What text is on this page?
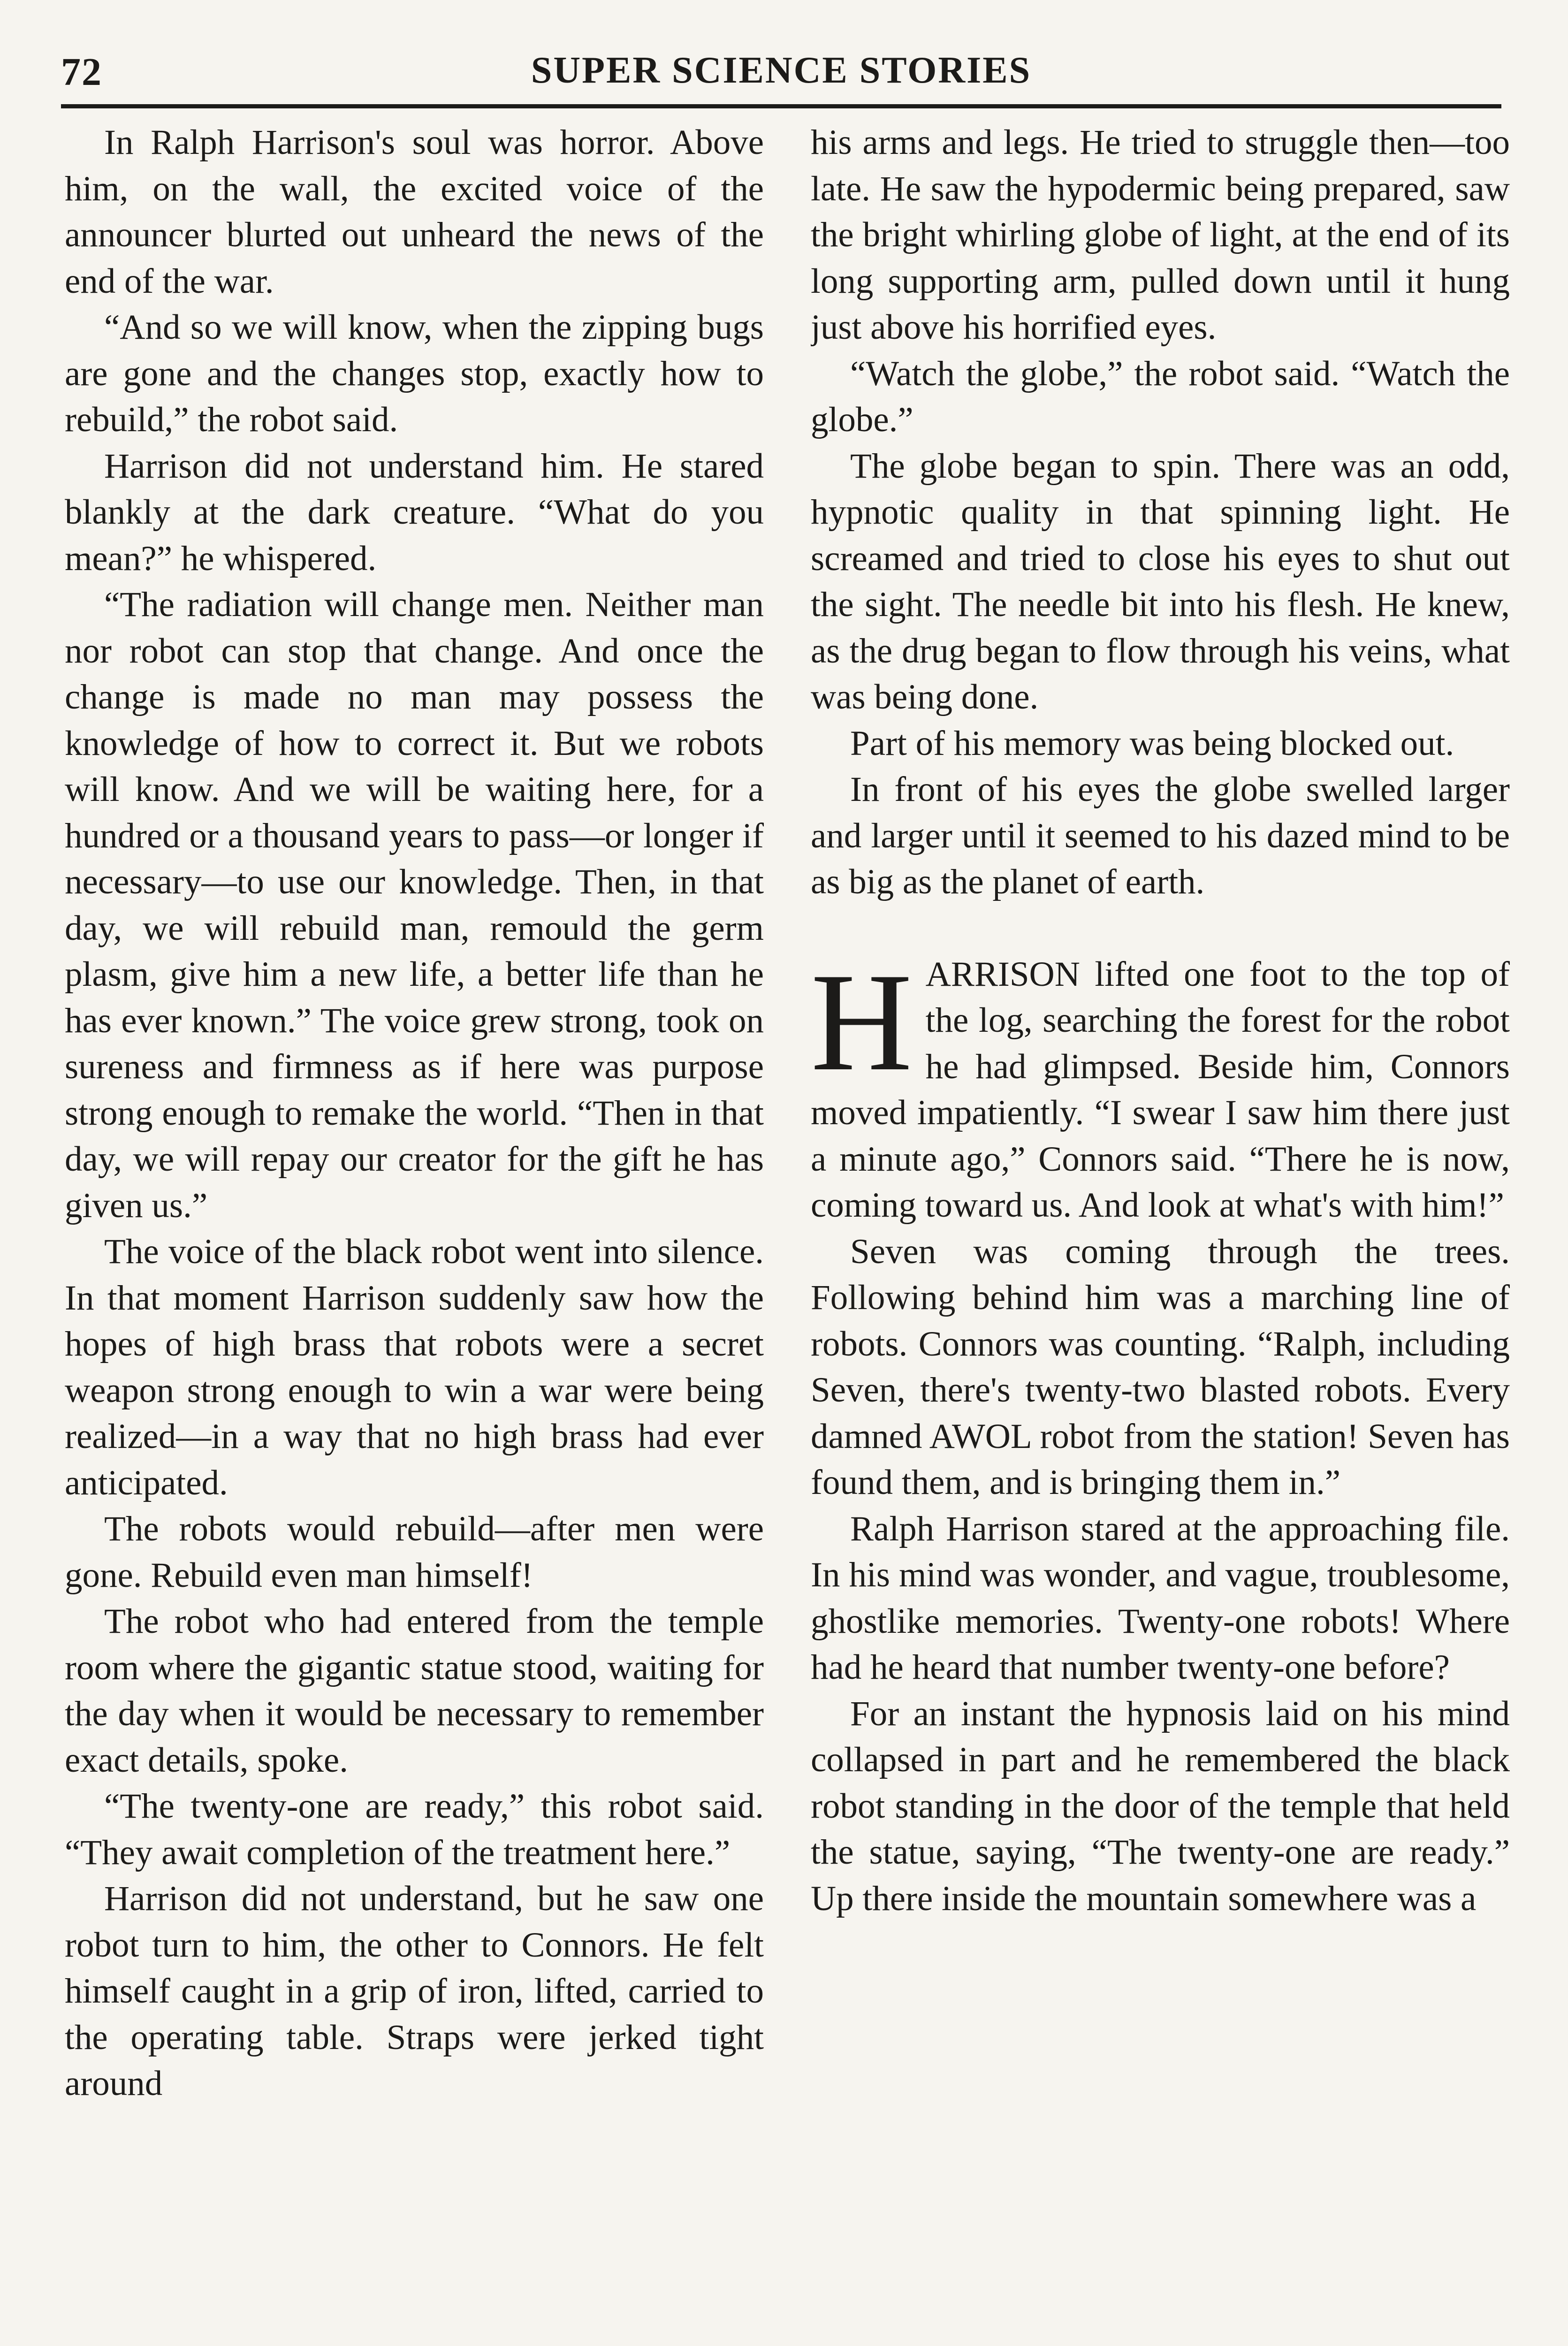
72	SUPER SCIENCE STORIES

In Ralph Harrison's soul was horror. Above him, on the wall, the excited voice of the announcer blurted out unheard the news of the end of the war.

“And so we will know, when the zipping bugs are gone and the changes stop, exactly how to rebuild,” the robot said.

Harrison did not understand him. He stared blankly at the dark creature. “What do you mean?” he whispered.

“The radiation will change men. Neither man nor robot can stop that change. And once the change is made no man may possess the knowledge of how to correct it. But we robots will know. And we will be waiting here, for a hundred or a thousand years to pass—or longer if necessary—to use our knowledge. Then, in that day, we will rebuild man, remould the germ plasm, give him a new life, a better life than he has ever known.” The voice grew strong, took on sureness and firmness as if here was purpose strong enough to remake the world. “Then in that day, we will repay our creator for the gift he has given us.”

The voice of the black robot went into silence. In that moment Harrison suddenly saw how the hopes of high brass that robots were a secret weapon strong enough to win a war were being realized—in a way that no high brass had ever anticipated.

The robots would rebuild—after men were gone. Rebuild even man himself!

The robot who had entered from the temple room where the gigantic statue stood, waiting for the day when it would be necessary to remember exact details, spoke.

“The twenty-one are ready,” this robot said. “They await completion of the treatment here.”

Harrison did not understand, but he saw one robot turn to him, the other to Connors. He felt himself caught in a grip of iron, lifted, carried to the operating table. Straps were jerked tight around

his arms and legs. He tried to struggle then—too late. He saw the hypodermic being prepared, saw the bright whirling globe of light, at the end of its long supporting arm, pulled down until it hung just above his horrified eyes.

“Watch the globe,” the robot said. “Watch the globe.”

The globe began to spin. There was an odd, hypnotic quality in that spinning light. He screamed and tried to close his eyes to shut out the sight. The needle bit into his flesh. He knew, as the drug began to flow through his veins, what was being done.

Part of his memory was being blocked out.

In front of his eyes the globe swelled larger and larger until it seemed to his dazed mind to be as big as the planet of earth.

HARRISON lifted one foot to the top of the log, searching the forest for the robot he had glimpsed. Beside him, Connors moved impatiently. “I swear I saw him there just a minute ago,” Connors said. “There he is now, coming toward us. And look at what's with him!”

Seven was coming through the trees. Following behind him was a marching line of robots. Connors was counting. “Ralph, including Seven, there's twenty-two blasted robots. Every damned AWOL robot from the station! Seven has found them, and is bringing them in.”

Ralph Harrison stared at the approaching file. In his mind was wonder, and vague, troublesome, ghostlike memories. Twenty-one robots! Where had he heard that number twenty-one before?

For an instant the hypnosis laid on his mind collapsed in part and he remembered the black robot standing in the door of the temple that held the statue, saying, “The twenty-one are ready.” Up there inside the mountain somewhere was a
